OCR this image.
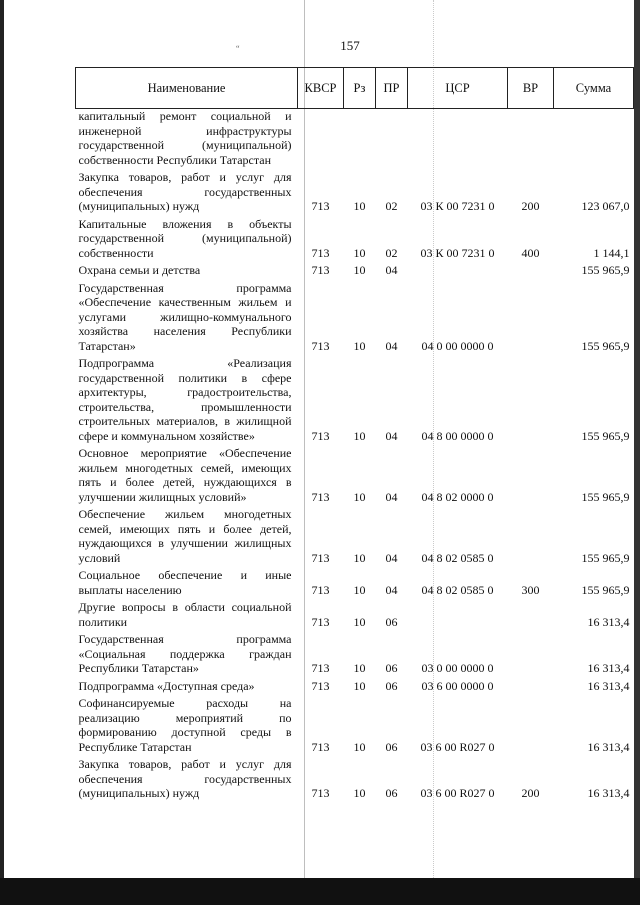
“	157
Наименование	КВСР	Рз	ПР	ЦСР	ВР	Сумма
капитальный ремонт социальной и инженерной инфраструктуры государственной (муниципальной) собственности Республики Татарстан						
Закупка товаров, работ и услуг для обеспечения государственных (муниципальных) нужд	713	10	02	03 К 00 7231 0	200	123 067,0
Капитальные вложения в объекты государственной (муниципальной) собственности	713	10	02	03 К 00 7231 0	400	1 144,1
Охрана семьи и детства	713	10	04			155 965,9
Государственная программа «Обеспечение качественным жильем и услугами жилищно-коммунального хозяйства населения Республики Татарстан»	713	10	04	04 0 00 0000 0		155 965,9
Подпрограмма «Реализация государственной политики в сфере архитектуры, градостроительства, строительства, промышленности строительных материалов, в жилищной сфере и коммунальном хозяйстве»	713	10	04	04 8 00 0000 0		155 965,9
Основное мероприятие «Обеспечение жильем многодетных семей, имеющих пять и более детей, нуждающихся в улучшении жилищных условий»	713	10	04	04 8 02 0000 0		155 965,9
Обеспечение жильем многодетных семей, имеющих пять и более детей, нуждающихся в улучшении жилищных условий	713	10	04	04 8 02 0585 0		155 965,9
Социальное обеспечение и иные выплаты населению	713	10	04	04 8 02 0585 0	300	155 965,9
Другие вопросы в области социальной политики	713	10	06			16 313,4
Государственная программа «Социальная поддержка граждан Республики Татарстан»	713	10	06	03 0 00 0000 0		16 313,4
Подпрограмма «Доступная среда»	713	10	06	03 6 00 0000 0		16 313,4
Софинансируемые расходы на реализацию мероприятий по формированию доступной среды в Республике Татарстан	713	10	06	03 6 00 R027 0		16 313,4
Закупка товаров, работ и услуг для обеспечения государственных (муниципальных) нужд	713	10	06	03 6 00 R027 0	200	16 313,4
